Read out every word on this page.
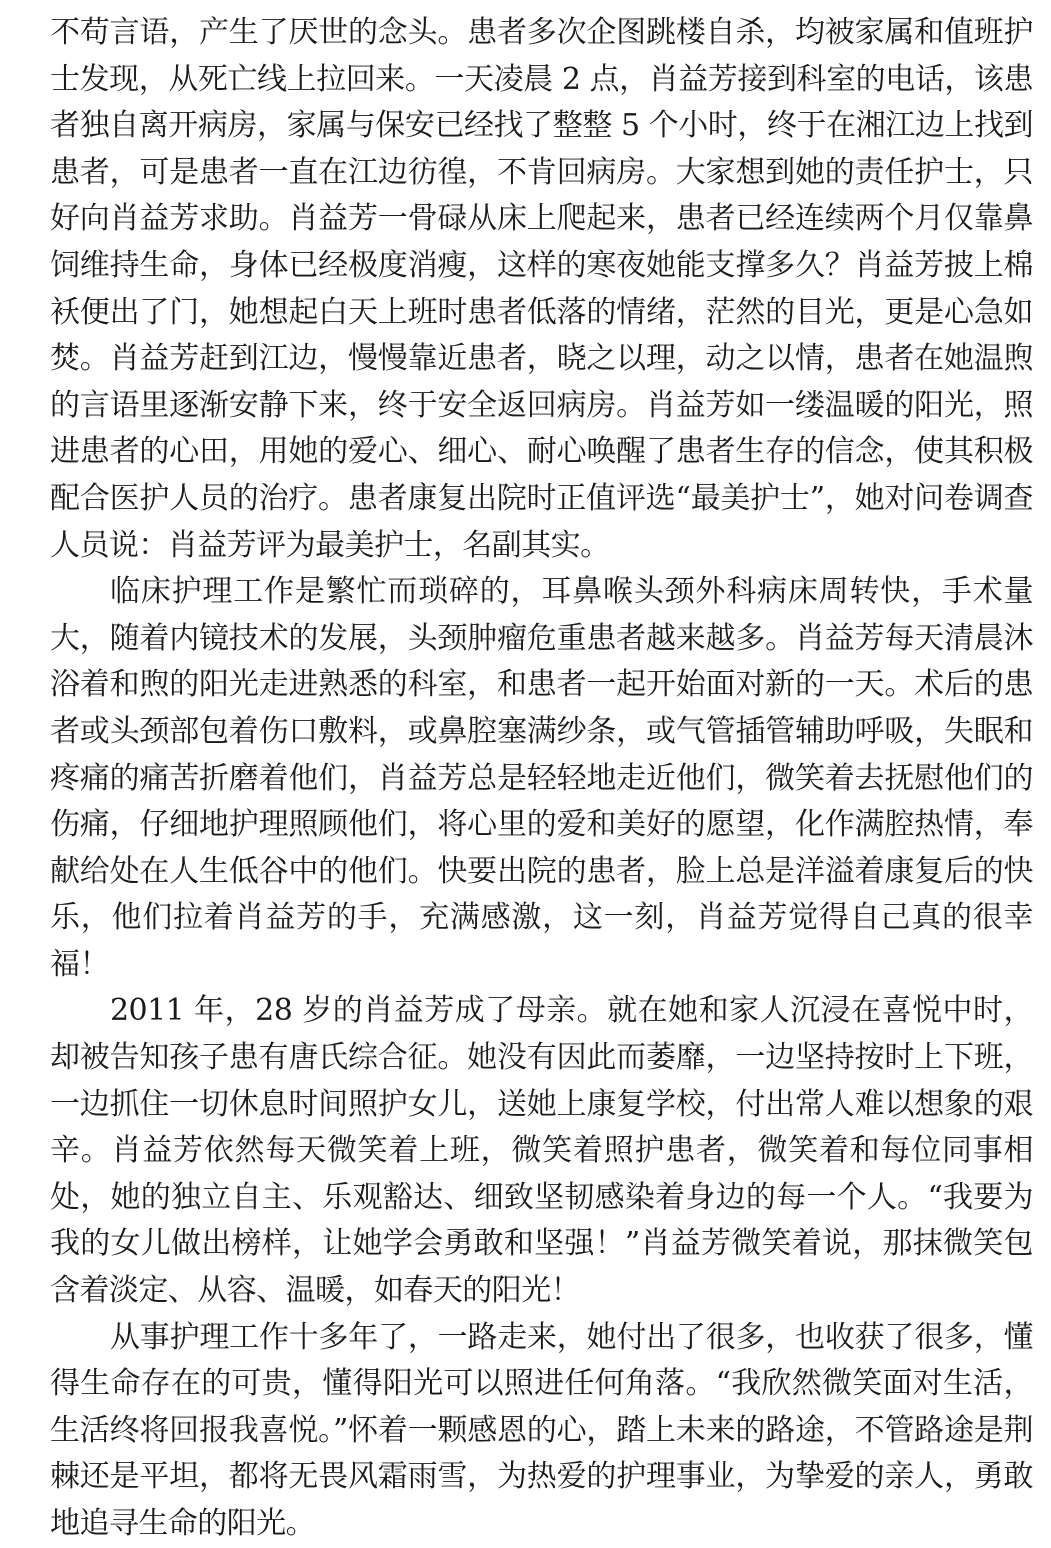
不苟言语，产生了厌世的念头。患者多次企图跳楼自杀，均被家属和值班护士发现，从死亡线上拉回来。一天凌晨 2 点，肖益芳接到科室的电话，该患者独自离开病房，家属与保安已经找了整整 5 个小时，终于在湘江边上找到患者，可是患者一直在江边彷徨，不肯回病房。大家想到她的责任护士，只好向肖益芳求助。肖益芳一骨碌从床上爬起来，患者已经连续两个月仅靠鼻饲维持生命，身体已经极度消瘦，这样的寒夜她能支撑多久？肖益芳披上棉袄便出了门，她想起白天上班时患者低落的情绪，茫然的目光，更是心急如焚。肖益芳赶到江边，慢慢靠近患者，晓之以理，动之以情，患者在她温煦的言语里逐渐安静下来，终于安全返回病房。肖益芳如一缕温暖的阳光，照进患者的心田，用她的爱心、细心、耐心唤醒了患者生存的信念，使其积极配合医护人员的治疗。患者康复出院时正值评选“最美护士”，她对问卷调查人员说：肖益芳评为最美护士，名副其实。

临床护理工作是繁忙而琐碎的，耳鼻喉头颈外科病床周转快，手术量大，随着内镜技术的发展，头颈肿瘤危重患者越来越多。肖益芳每天清晨沐浴着和煦的阳光走进熟悉的科室，和患者一起开始面对新的一天。术后的患者或头颈部包着伤口敷料，或鼻腔塞满纱条，或气管插管辅助呼吸，失眠和疼痛的痛苦折磨着他们，肖益芳总是轻轻地走近他们，微笑着去抚慰他们的伤痛，仔细地护理照顾他们，将心里的爱和美好的愿望，化作满腔热情，奉献给处在人生低谷中的他们。快要出院的患者，脸上总是洋溢着康复后的快乐，他们拉着肖益芳的手，充满感激，这一刻，肖益芳觉得自己真的很幸福！

2011 年，28 岁的肖益芳成了母亲。就在她和家人沉浸在喜悦中时，却被告知孩子患有唐氏综合征。她没有因此而萎靡，一边坚持按时上下班，一边抓住一切休息时间照护女儿，送她上康复学校，付出常人难以想象的艰辛。肖益芳依然每天微笑着上班，微笑着照护患者，微笑着和每位同事相处，她的独立自主、乐观豁达、细致坚韧感染着身边的每一个人。“我要为我的女儿做出榜样，让她学会勇敢和坚强！”肖益芳微笑着说，那抹微笑包含着淡定、从容、温暖，如春天的阳光！

从事护理工作十多年了，一路走来，她付出了很多，也收获了很多，懂得生命存在的可贵，懂得阳光可以照进任何角落。“我欣然微笑面对生活，生活终将回报我喜悦。”怀着一颗感恩的心，踏上未来的路途，不管路途是荆棘还是平坦，都将无畏风霜雨雪，为热爱的护理事业，为挚爱的亲人，勇敢地追寻生命的阳光。
